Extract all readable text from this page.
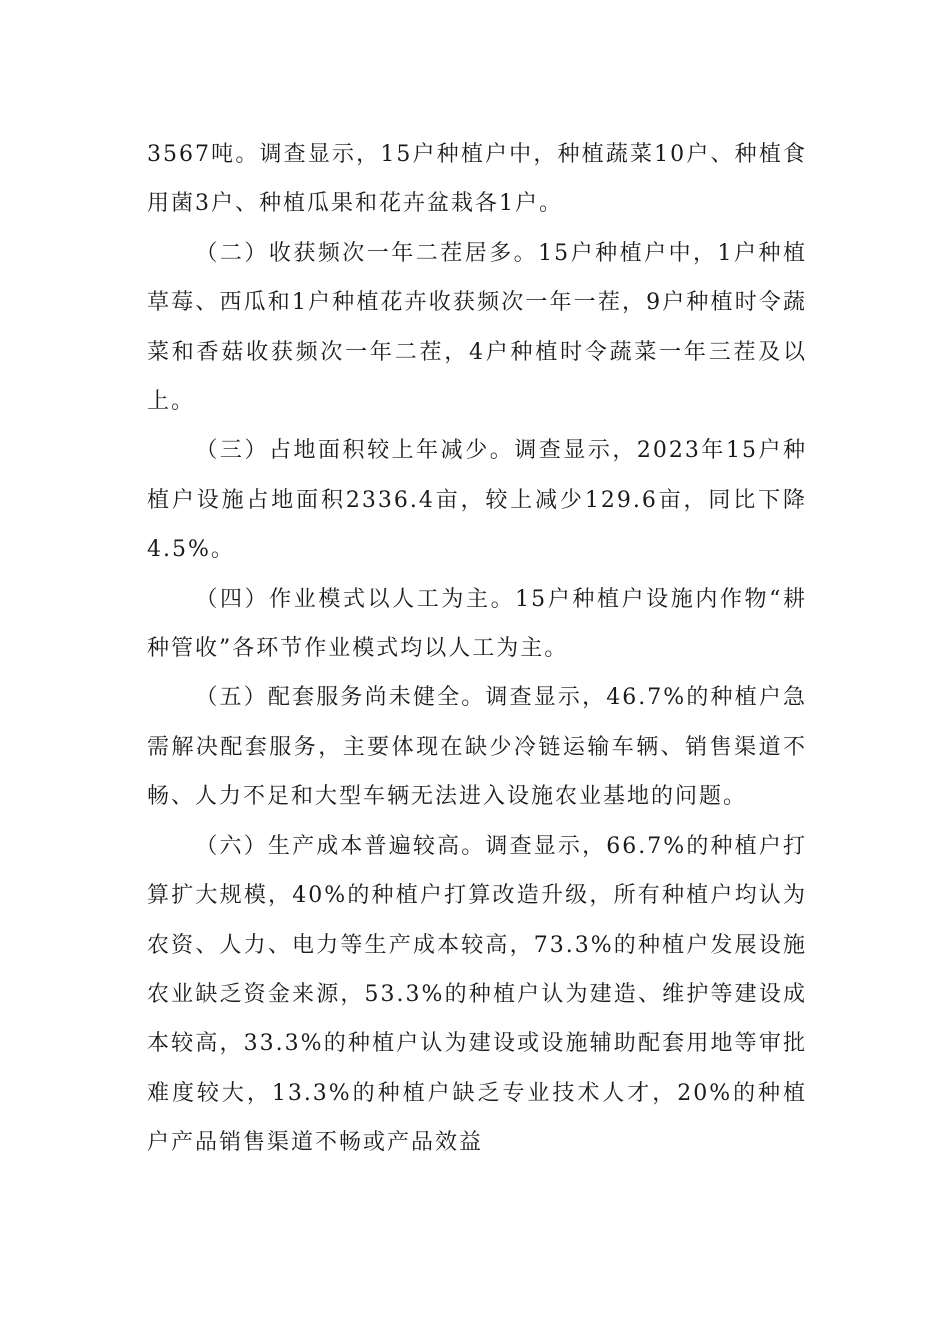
3567吨。调查显示，15户种植户中，种植蔬菜10户、种植食用菌3户、种植瓜果和花卉盆栽各1户。

（二）收获频次一年二茬居多。15户种植户中，1户种植草莓、西瓜和1户种植花卉收获频次一年一茬，9户种植时令蔬菜和香菇收获频次一年二茬，4户种植时令蔬菜一年三茬及以上。

（三）占地面积较上年减少。调查显示，2023年15户种植户设施占地面积2336.4亩，较上减少129.6亩，同比下降4.5%。

（四）作业模式以人工为主。15户种植户设施内作物“耕种管收”各环节作业模式均以人工为主。

（五）配套服务尚未健全。调查显示，46.7%的种植户急需解决配套服务，主要体现在缺少冷链运输车辆、销售渠道不畅、人力不足和大型车辆无法进入设施农业基地的问题。

（六）生产成本普遍较高。调查显示，66.7%的种植户打算扩大规模，40%的种植户打算改造升级，所有种植户均认为农资、人力、电力等生产成本较高，73.3%的种植户发展设施农业缺乏资金来源，53.3%的种植户认为建造、维护等建设成本较高，33.3%的种植户认为建设或设施辅助配套用地等审批难度较大，13.3%的种植户缺乏专业技术人才，20%的种植户产品销售渠道不畅或产品效益
